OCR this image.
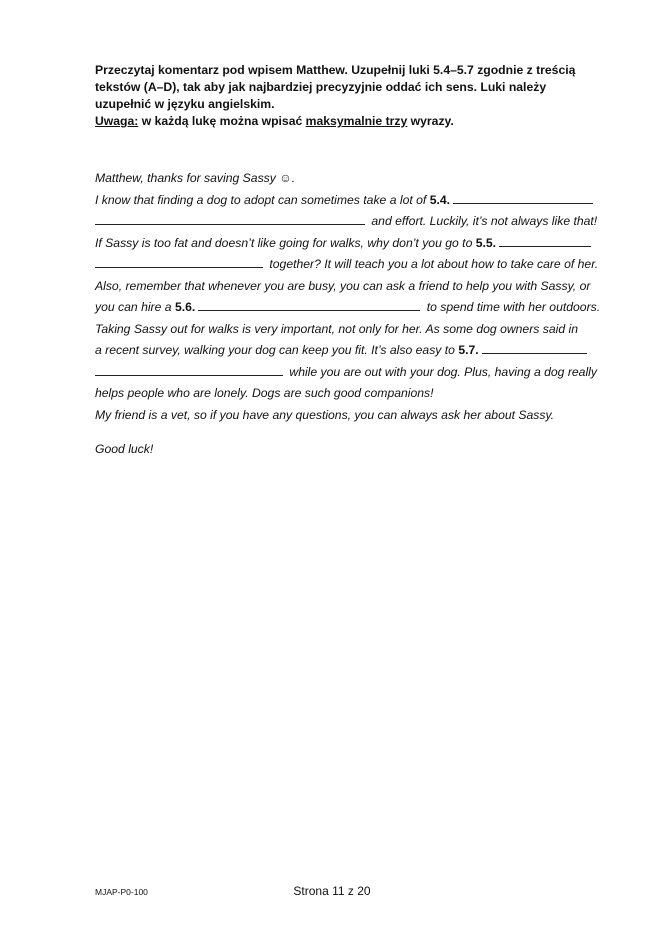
Przeczytaj komentarz pod wpisem Matthew. Uzupełnij luki 5.4–5.7 zgodnie z treścią
tekstów (A–D), tak aby jak najbardziej precyzyjnie oddać ich sens. Luki należy
uzupełnić w języku angielskim.
Uwaga: w każdą lukę można wpisać maksymalnie trzy wyrazy.
Matthew, thanks for saving Sassy ☺.
I know that finding a dog to adopt can sometimes take a lot of 5.4.
and effort. Luckily, it’s not always like that!
If Sassy is too fat and doesn’t like going for walks, why don’t you go to 5.5.
together? It will teach you a lot about how to take care of her.
Also, remember that whenever you are busy, you can ask a friend to help you with Sassy, or
you can hire a 5.6.	to spend time with her outdoors.
Taking Sassy out for walks is very important, not only for her. As some dog owners said in
a recent survey, walking your dog can keep you fit. It’s also easy to 5.7.
while you are out with your dog. Plus, having a dog really
helps people who are lonely. Dogs are such good companions!
My friend is a vet, so if you have any questions, you can always ask her about Sassy.
Good luck!
MJAP-P0-100	Strona 11 z 20
